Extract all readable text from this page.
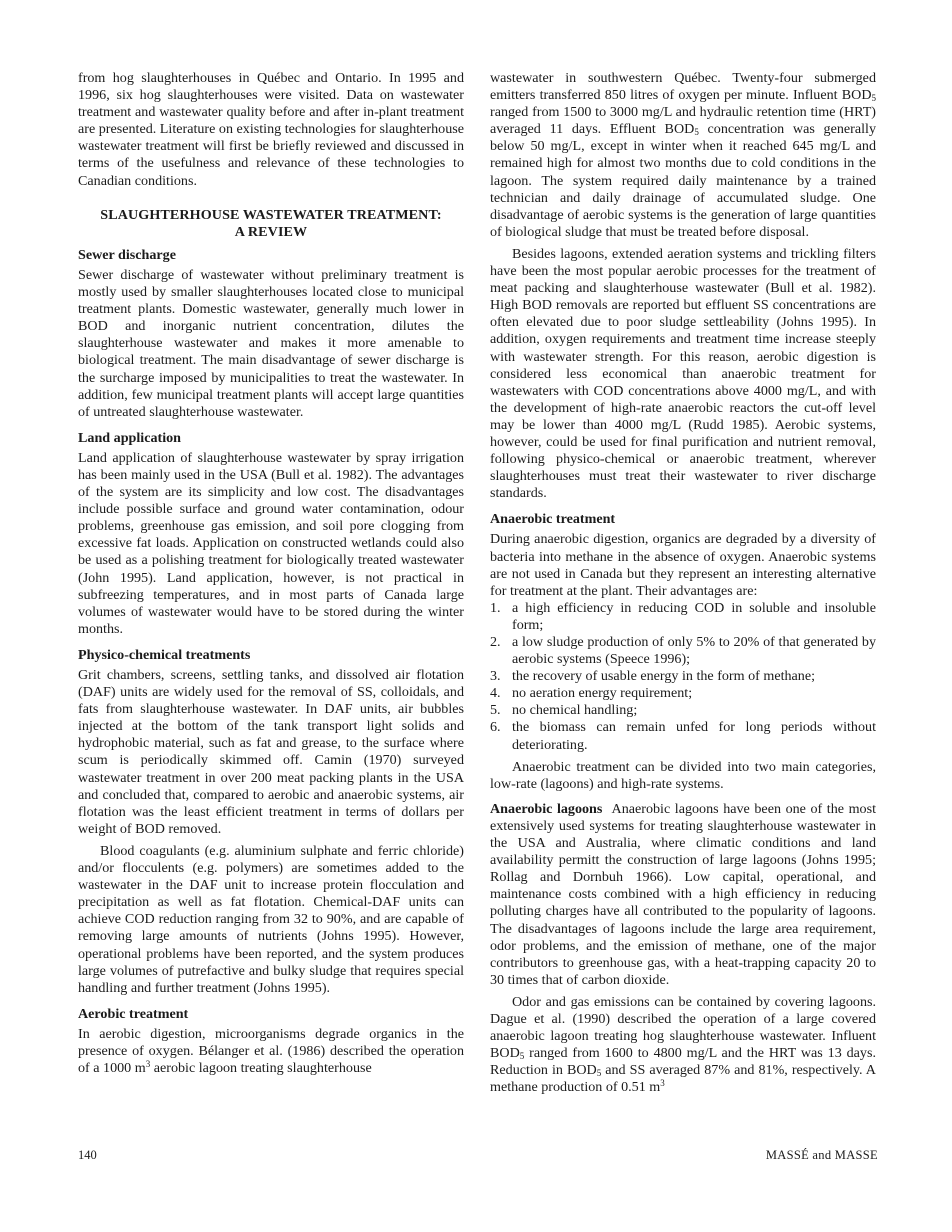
from hog slaughterhouses in Québec and Ontario. In 1995 and 1996, six hog slaughterhouses were visited. Data on wastewater treatment and wastewater quality before and after in-plant treatment are presented. Literature on existing technologies for slaughterhouse wastewater treatment will first be briefly reviewed and discussed in terms of the usefulness and relevance of these technologies to Canadian conditions.

SLAUGHTERHOUSE WASTEWATER TREATMENT:
A REVIEW
Sewer discharge

Sewer discharge of wastewater without preliminary treatment is mostly used by smaller slaughterhouses located close to municipal treatment plants. Domestic wastewater, generally much lower in BOD and inorganic nutrient concentration, dilutes the slaughterhouse wastewater and makes it more amenable to biological treatment. The main disadvantage of sewer discharge is the surcharge imposed by municipalities to treat the wastewater. In addition, few municipal treatment plants will accept large quantities of untreated slaughterhouse wastewater.

Land application

Land application of slaughterhouse wastewater by spray irrigation has been mainly used in the USA (Bull et al. 1982). The advantages of the system are its simplicity and low cost. The disadvantages include possible surface and ground water contamination, odour problems, greenhouse gas emission, and soil pore clogging from excessive fat loads. Application on constructed wetlands could also be used as a polishing treatment for biologically treated wastewater (John 1995). Land application, however, is not practical in subfreezing temperatures, and in most parts of Canada large volumes of wastewater would have to be stored during the winter months.

Physico-chemical treatments

Grit chambers, screens, settling tanks, and dissolved air flotation (DAF) units are widely used for the removal of SS, colloidals, and fats from slaughterhouse wastewater. In DAF units, air bubbles injected at the bottom of the tank transport light solids and hydrophobic material, such as fat and grease, to the surface where scum is periodically skimmed off. Camin (1970) surveyed wastewater treatment in over 200 meat packing plants in the USA and concluded that, compared to aerobic and anaerobic systems, air flotation was the least efficient treatment in terms of dollars per weight of BOD removed.

Blood coagulants (e.g. aluminium sulphate and ferric chloride) and/or flocculents (e.g. polymers) are sometimes added to the wastewater in the DAF unit to increase protein flocculation and precipitation as well as fat flotation. Chemical-DAF units can achieve COD reduction ranging from 32 to 90%, and are capable of removing large amounts of nutrients (Johns 1995). However, operational problems have been reported, and the system produces large volumes of putrefactive and bulky sludge that requires special handling and further treatment (Johns 1995).

Aerobic treatment

In aerobic digestion, microorganisms degrade organics in the presence of oxygen. Bélanger et al. (1986) described the operation of a 1000 $m^3$ aerobic lagoon treating slaughterhouse

wastewater in southwestern Québec. Twenty-four submerged emitters transferred 850 litres of oxygen per minute. Influent $BOD_5$ ranged from 1500 to 3000 mg/L and hydraulic retention time (HRT) averaged 11 days. Effluent $BOD_5$ concentration was generally below 50 mg/L, except in winter when it reached 645 mg/L and remained high for almost two months due to cold conditions in the lagoon. The system required daily maintenance by a trained technician and daily drainage of accumulated sludge. One disadvantage of aerobic systems is the generation of large quantities of biological sludge that must be treated before disposal.

Besides lagoons, extended aeration systems and trickling filters have been the most popular aerobic processes for the treatment of meat packing and slaughterhouse wastewater (Bull et al. 1982). High BOD removals are reported but effluent SS concentrations are often elevated due to poor sludge settleability (Johns 1995). In addition, oxygen requirements and treatment time increase steeply with wastewater strength. For this reason, aerobic digestion is considered less economical than anaerobic treatment for wastewaters with COD concentrations above 4000 mg/L, and with the development of high-rate anaerobic reactors the cut-off level may be lower than 4000 mg/L (Rudd 1985). Aerobic systems, however, could be used for final purification and nutrient removal, following physico-chemical or anaerobic treatment, wherever slaughterhouses must treat their wastewater to river discharge standards.

Anaerobic treatment

During anaerobic digestion, organics are degraded by a diversity of bacteria into methane in the absence of oxygen. Anaerobic systems are not used in Canada but they represent an interesting alternative for treatment at the plant. Their advantages are:

1. a high efficiency in reducing COD in soluble and insoluble form;
2. a low sludge production of only 5% to 20% of that generated by aerobic systems (Speece 1996);
3. the recovery of usable energy in the form of methane;
4. no aeration energy requirement;
5. no chemical handling;
6. the biomass can remain unfed for long periods without deteriorating.

Anaerobic treatment can be divided into two main categories, low-rate (lagoons) and high-rate systems.

Anaerobic lagoons Anaerobic lagoons have been one of the most extensively used systems for treating slaughterhouse wastewater in the USA and Australia, where climatic conditions and land availability permitt the construction of large lagoons (Johns 1995; Rollag and Dornbuh 1966). Low capital, operational, and maintenance costs combined with a high efficiency in reducing polluting charges have all contributed to the popularity of lagoons. The disadvantages of lagoons include the large area requirement, odor problems, and the emission of methane, one of the major contributors to greenhouse gas, with a heat-trapping capacity 20 to 30 times that of carbon dioxide.

Odor and gas emissions can be contained by covering lagoons. Dague et al. (1990) described the operation of a large covered anaerobic lagoon treating hog slaughterhouse wastewater. Influent $BOD_5$ ranged from 1600 to 4800 mg/L and the HRT was 13 days. Reduction in $BOD_5$ and SS averaged 87% and 81%, respectively. A methane production of 0.51 $m^3$

140	MASSÉ and MASSE
